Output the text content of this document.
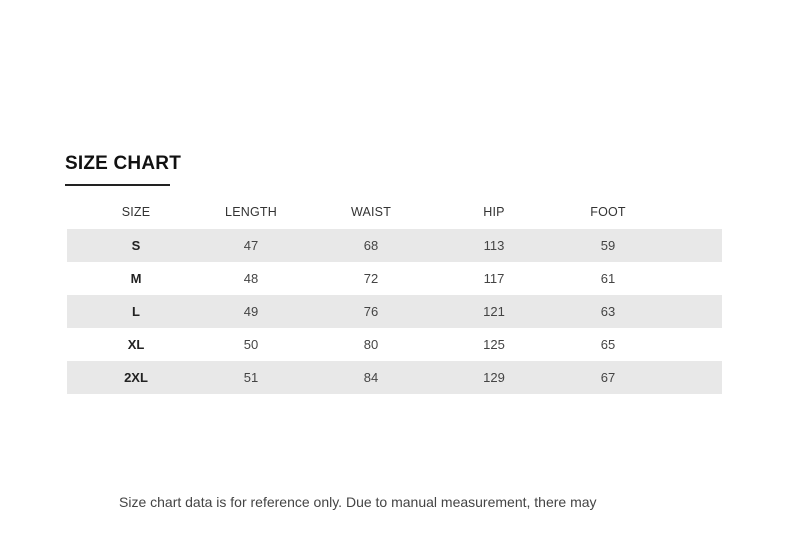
SIZE CHART
SIZE	LENGTH	WAIST	HIP	FOOT
S	47	68	113	59
M	48	72	117	61
L	49	76	121	63
XL	50	80	125	65
2XL	51	84	129	67

Size chart data is for reference only. Due to manual measurement, there may
